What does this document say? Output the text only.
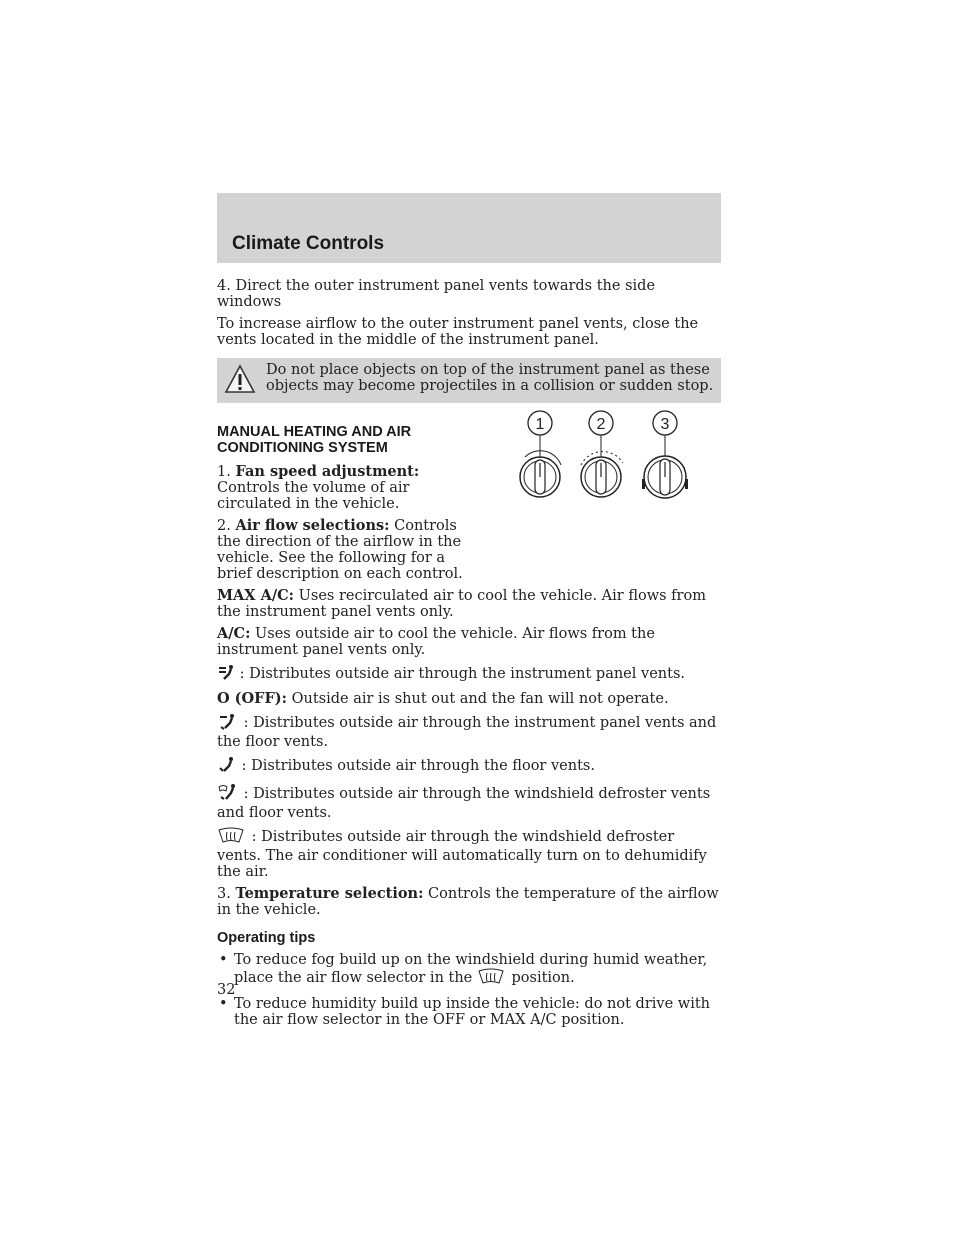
Climate Controls

4. Direct the outer instrument panel vents towards the side windows

To increase airflow to the outer instrument panel vents, close the vents located in the middle of the instrument panel.

Do not place objects on top of the instrument panel as these objects may become projectiles in a collision or sudden stop.
MANUAL HEATING AND AIR CONDITIONING SYSTEM

1. Fan speed adjustment: Controls the volume of air circulated in the vehicle.

2. Air flow selections: Controls the direction of the airflow in the vehicle. See the following for a brief description on each control.

MAX A/C: Uses recirculated air to cool the vehicle. Air flows from the instrument panel vents only.

A/C: Uses outside air to cool the vehicle. Air flows from the instrument panel vents only.

: Distributes outside air through the instrument panel vents.

O (OFF): Outside air is shut out and the fan will not operate.

: Distributes outside air through the instrument panel vents and the floor vents.

: Distributes outside air through the floor vents.

: Distributes outside air through the windshield defroster vents and floor vents.

: Distributes outside air through the windshield defroster vents. The air conditioner will automatically turn on to dehumidify the air.

3. Temperature selection: Controls the temperature of the airflow in the vehicle.

Operating tips
• To reduce fog build up on the windshield during humid weather, place the air flow selector in the	position.
• To reduce humidity build up inside the vehicle: do not drive with the air flow selector in the OFF or MAX A/C position.
1	2	3
32
